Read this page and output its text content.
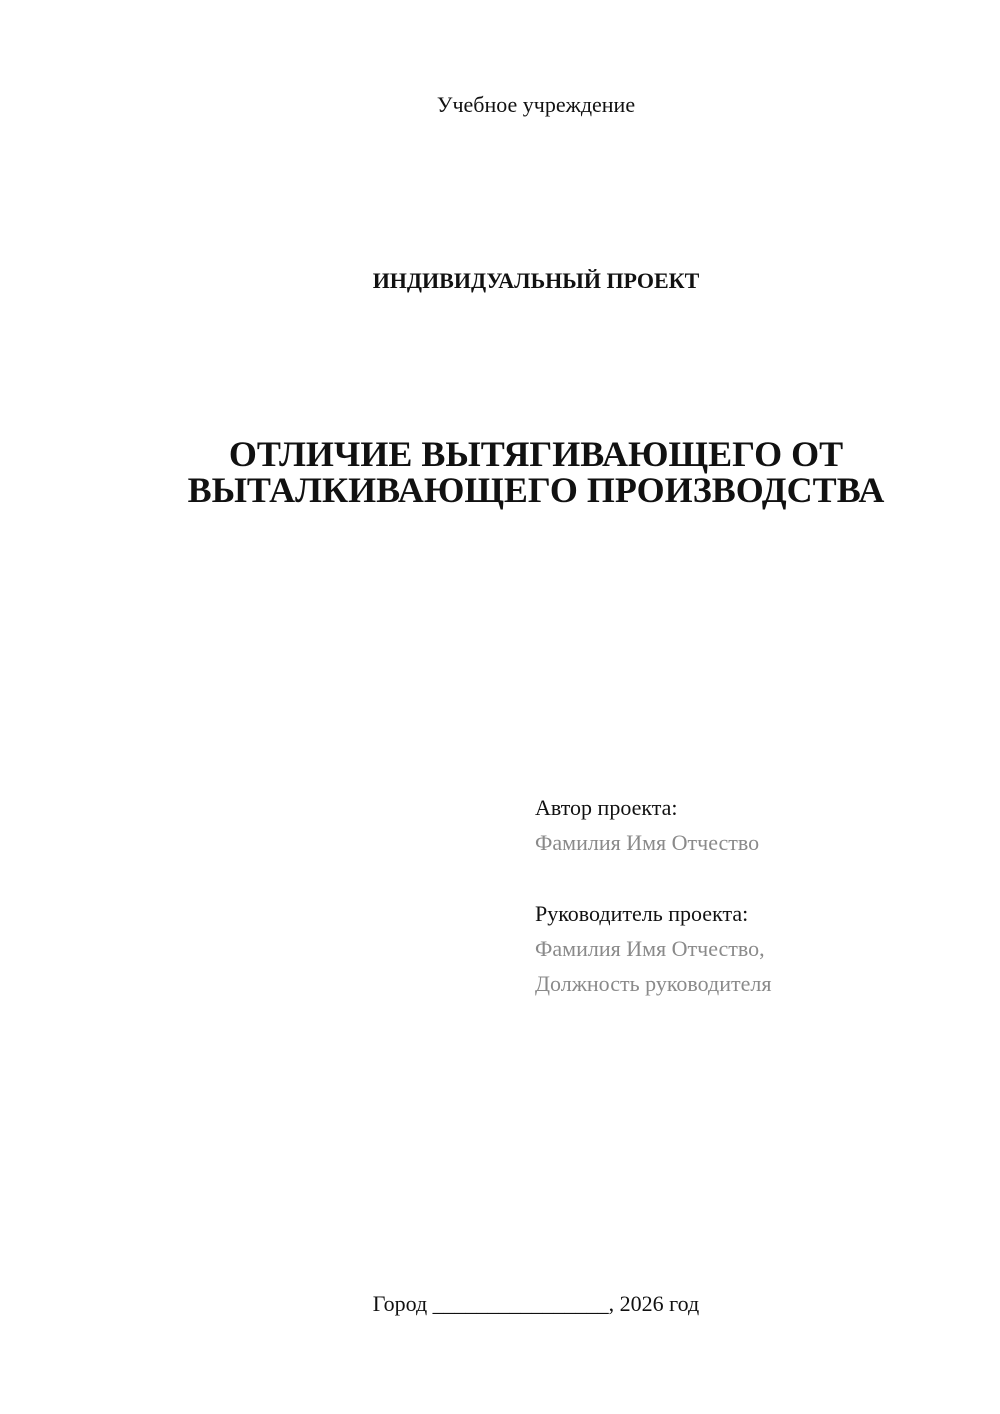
Учебное учреждение
ИНДИВИДУАЛЬНЫЙ ПРОЕКТ
ОТЛИЧИЕ ВЫТЯГИВАЮЩЕГО ОТ
ВЫТАЛКИВАЮЩЕГО ПРОИЗВОДСТВА
Автор проекта:
Фамилия Имя Отчество
Руководитель проекта:
Фамилия Имя Отчество,
Должность руководителя
Город ________________, 2026 год
